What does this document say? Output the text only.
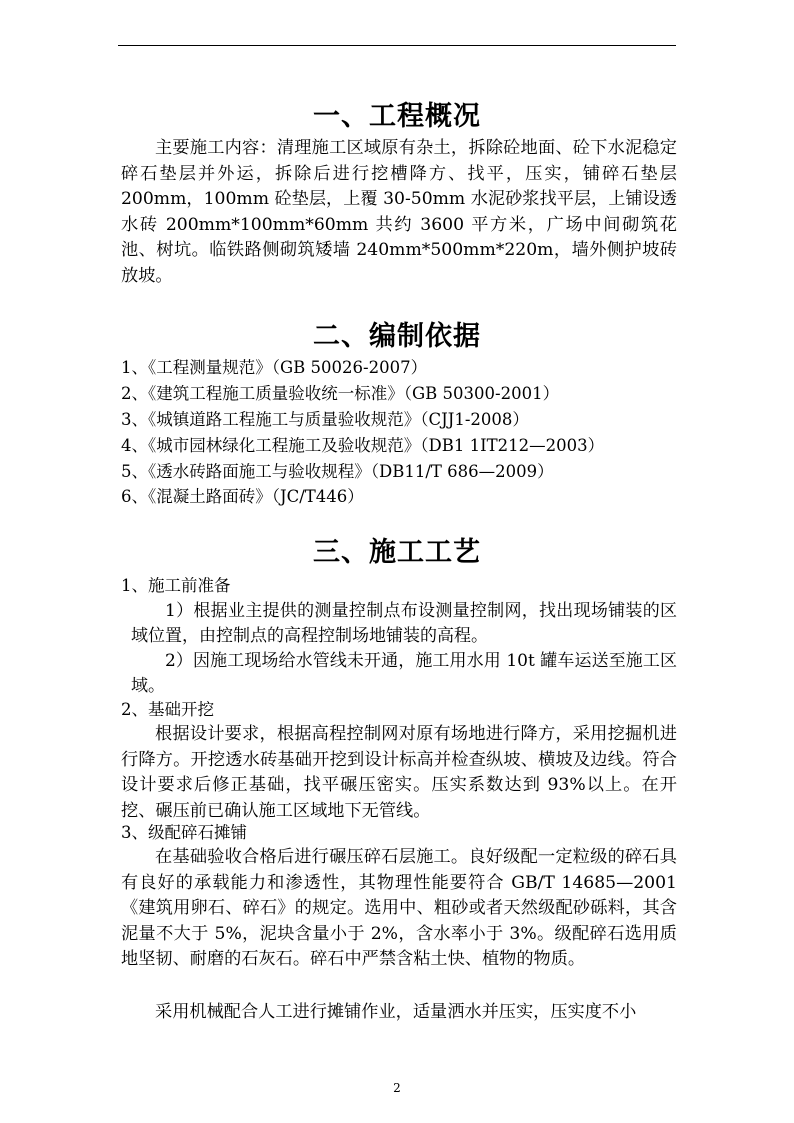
一、工程概况

主要施工内容：清理施工区域原有杂土，拆除砼地面、砼下水泥稳定碎石垫层并外运，拆除后进行挖槽降方、找平，压实，铺碎石垫层 200mm，100mm 砼垫层，上覆 30-50mm 水泥砂浆找平层，上铺设透水砖 200mm*100mm*60mm 共约 3600 平方米，广场中间砌筑花池、树坑。临铁路侧砌筑矮墙 240mm*500mm*220m，墙外侧护坡砖放坡。

二、编制依据
1、《工程测量规范》（GB 50026-2007）
2、《建筑工程施工质量验收统一标准》（GB 50300-2001）
3、《城镇道路工程施工与质量验收规范》（CJJ1-2008）
4、《城市园林绿化工程施工及验收规范》（DB1 1IT212—2003）
5、《透水砖路面施工与验收规程》（DB11/T 686—2009）
6、《混凝土路面砖》（JC/T446）
三、施工工艺
1、施工前准备

1）根据业主提供的测量控制点布设测量控制网，找出现场铺装的区域位置，由控制点的高程控制场地铺装的高程。

2）因施工现场给水管线未开通，施工用水用 10t 罐车运送至施工区域。

2、基础开挖

根据设计要求，根据高程控制网对原有场地进行降方，采用挖掘机进行降方。开挖透水砖基础开挖到设计标高并检查纵坡、横坡及边线。符合设计要求后修正基础，找平碾压密实。压实系数达到 93%以上。在开挖、碾压前已确认施工区域地下无管线。

3、级配碎石摊铺

在基础验收合格后进行碾压碎石层施工。良好级配一定粒级的碎石具有良好的承载能力和渗透性，其物理性能要符合 GB/T 14685—2001《建筑用卵石、碎石》的规定。选用中、粗砂或者天然级配砂砾料，其含泥量不大于 5%，泥块含量小于 2%，含水率小于 3%。级配碎石选用质地坚韧、耐磨的石灰石。碎石中严禁含粘土快、植物的物质。

采用机械配合人工进行摊铺作业，适量洒水并压实，压实度不小

2
